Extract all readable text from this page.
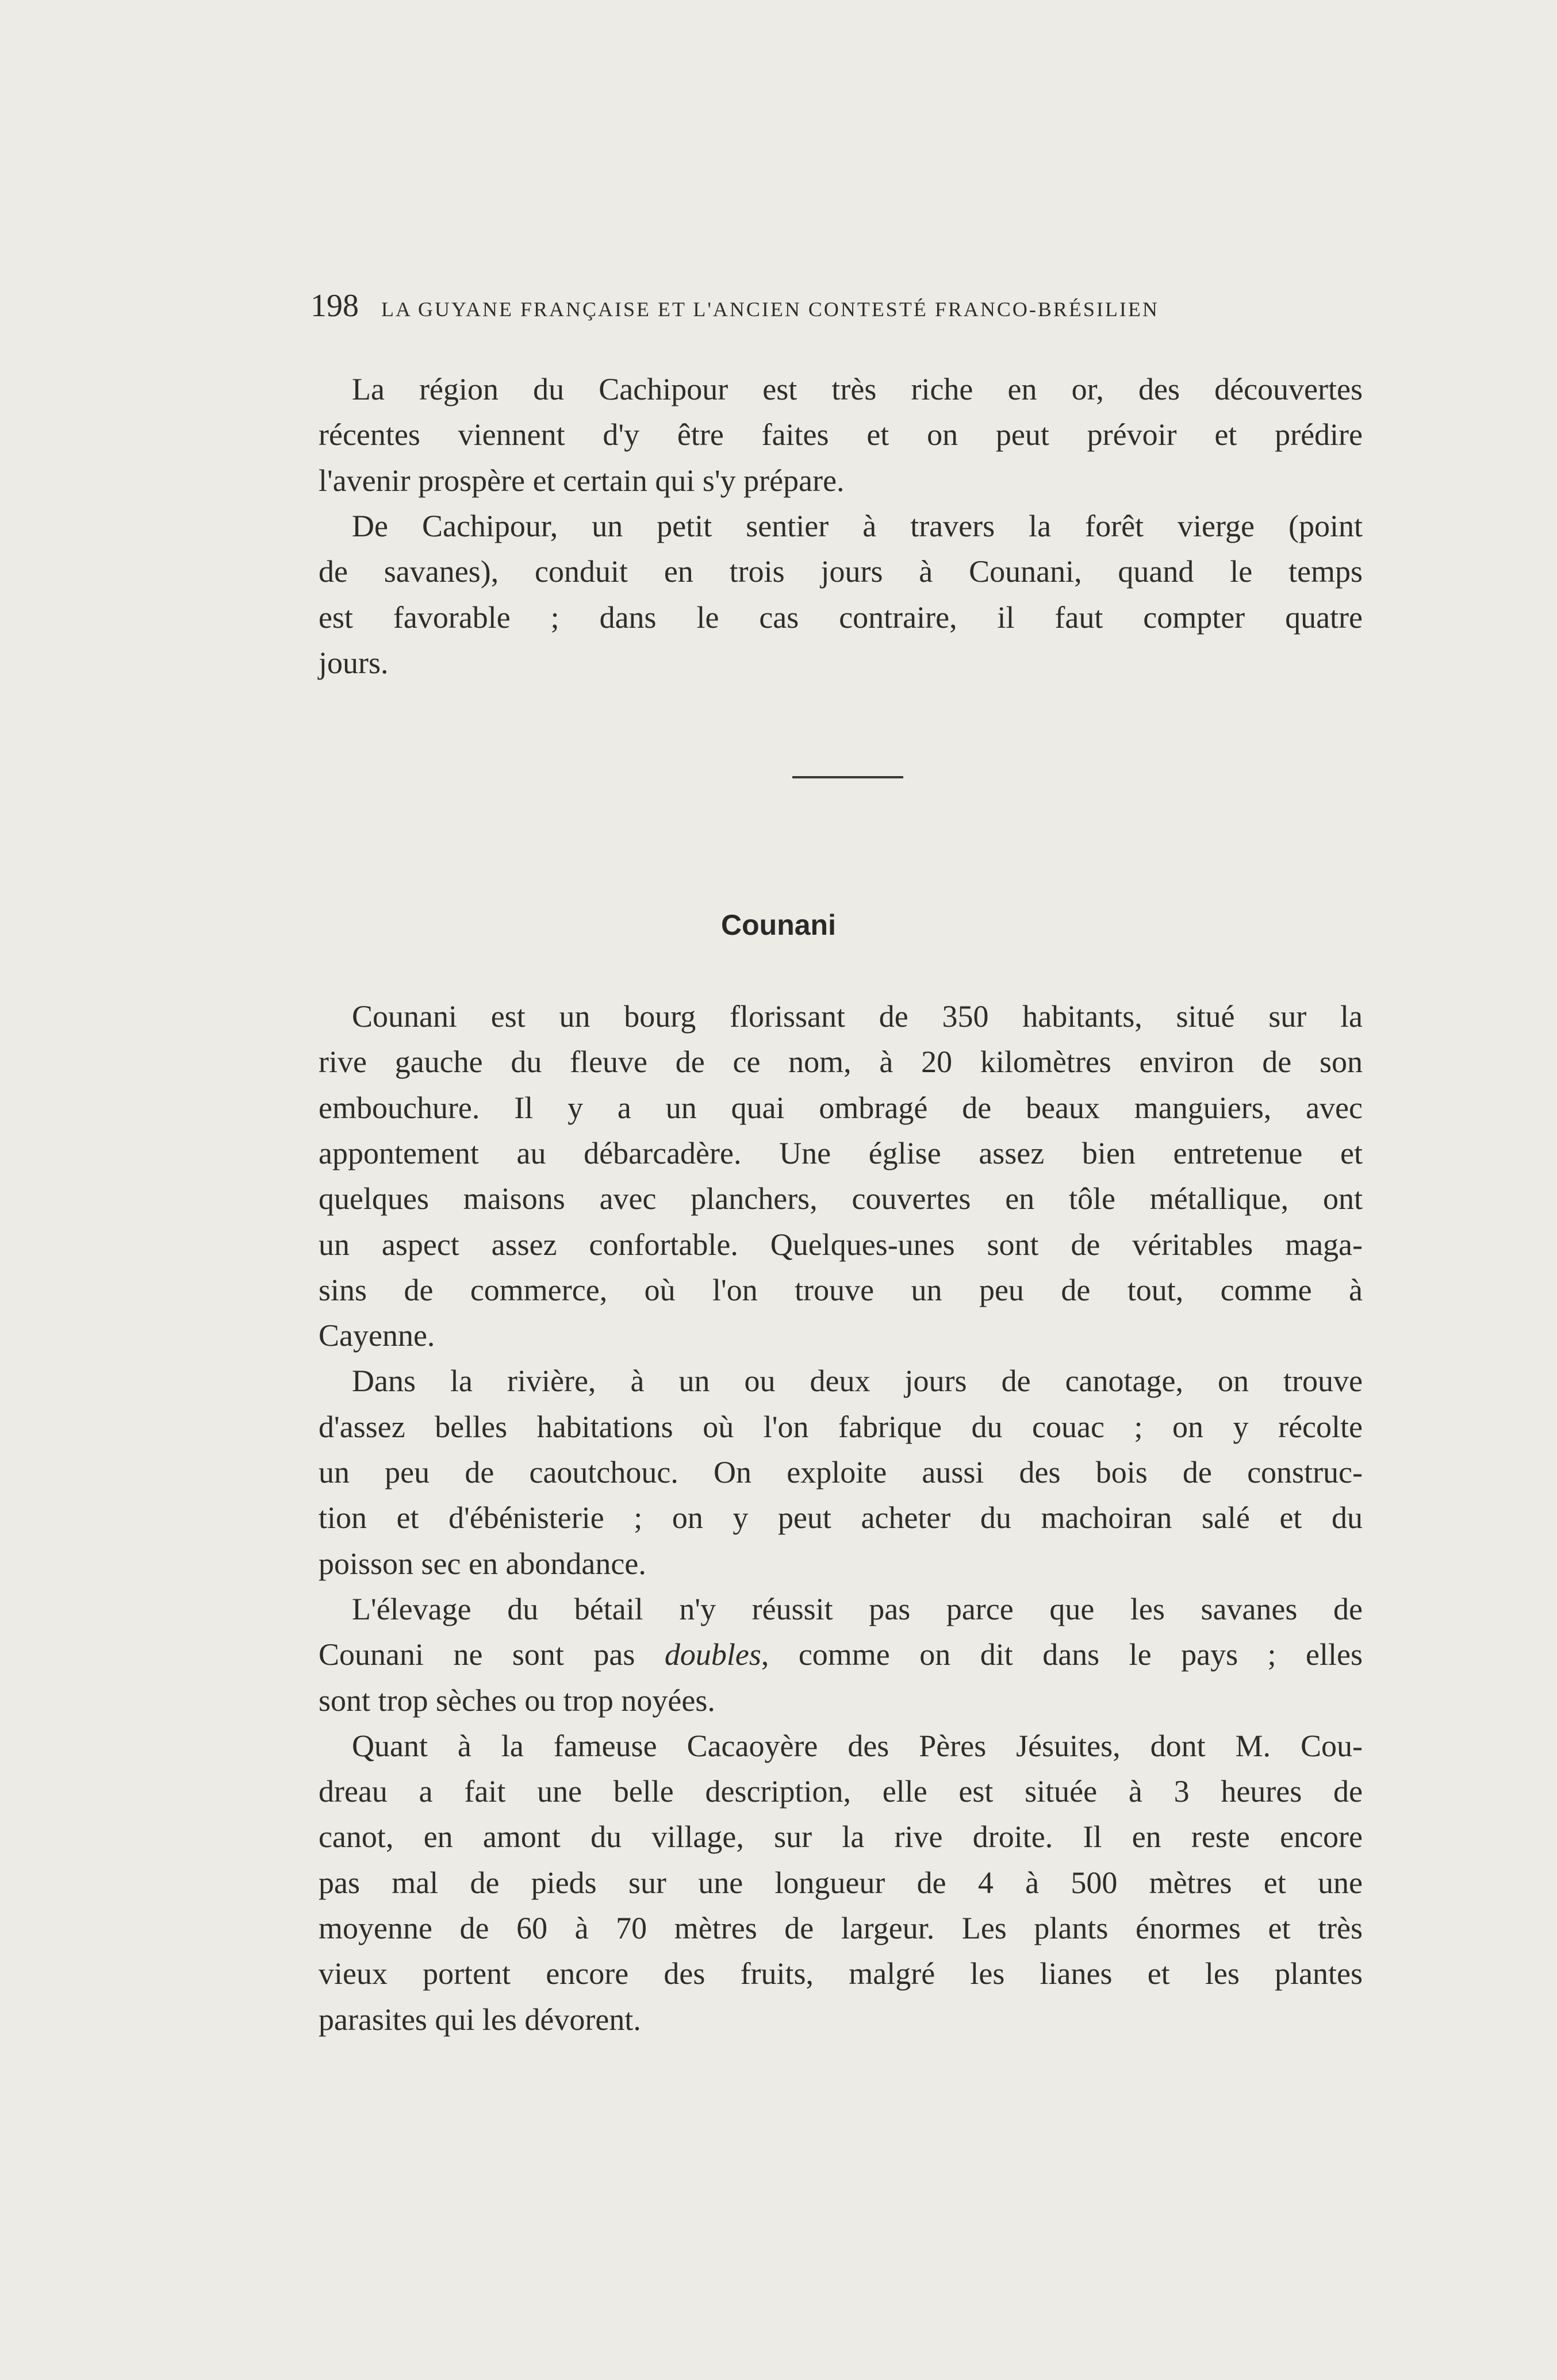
198 LA GUYANE FRANÇAISE ET L'ANCIEN CONTESTÉ FRANCO-BRÉSILIEN
La région du Cachipour est très riche en or, des découvertes
récentes viennent d'y être faites et on peut prévoir et prédire
l'avenir prospère et certain qui s'y prépare.
De Cachipour, un petit sentier à travers la forêt vierge (point
de savanes), conduit en trois jours à Counani, quand le temps
est favorable ; dans le cas contraire, il faut compter quatre
jours.
Counani
Counani est un bourg florissant de 350 habitants, situé sur la
rive gauche du fleuve de ce nom, à 20 kilomètres environ de son
embouchure. Il y a un quai ombragé de beaux manguiers, avec
appontement au débarcadère. Une église assez bien entretenue et
quelques maisons avec planchers, couvertes en tôle métallique, ont
un aspect assez confortable. Quelques-unes sont de véritables maga-
sins de commerce, où l'on trouve un peu de tout, comme à
Cayenne.
Dans la rivière, à un ou deux jours de canotage, on trouve
d'assez belles habitations où l'on fabrique du couac ; on y récolte
un peu de caoutchouc. On exploite aussi des bois de construc-
tion et d'ébénisterie ; on y peut acheter du machoiran salé et du
poisson sec en abondance.
L'élevage du bétail n'y réussit pas parce que les savanes de
Counani ne sont pas doubles, comme on dit dans le pays ; elles
sont trop sèches ou trop noyées.
Quant à la fameuse Cacaoyère des Pères Jésuites, dont M. Cou-
dreau a fait une belle description, elle est située à 3 heures de
canot, en amont du village, sur la rive droite. Il en reste encore
pas mal de pieds sur une longueur de 4 à 500 mètres et une
moyenne de 60 à 70 mètres de largeur. Les plants énormes et très
vieux portent encore des fruits, malgré les lianes et les plantes
parasites qui les dévorent.
